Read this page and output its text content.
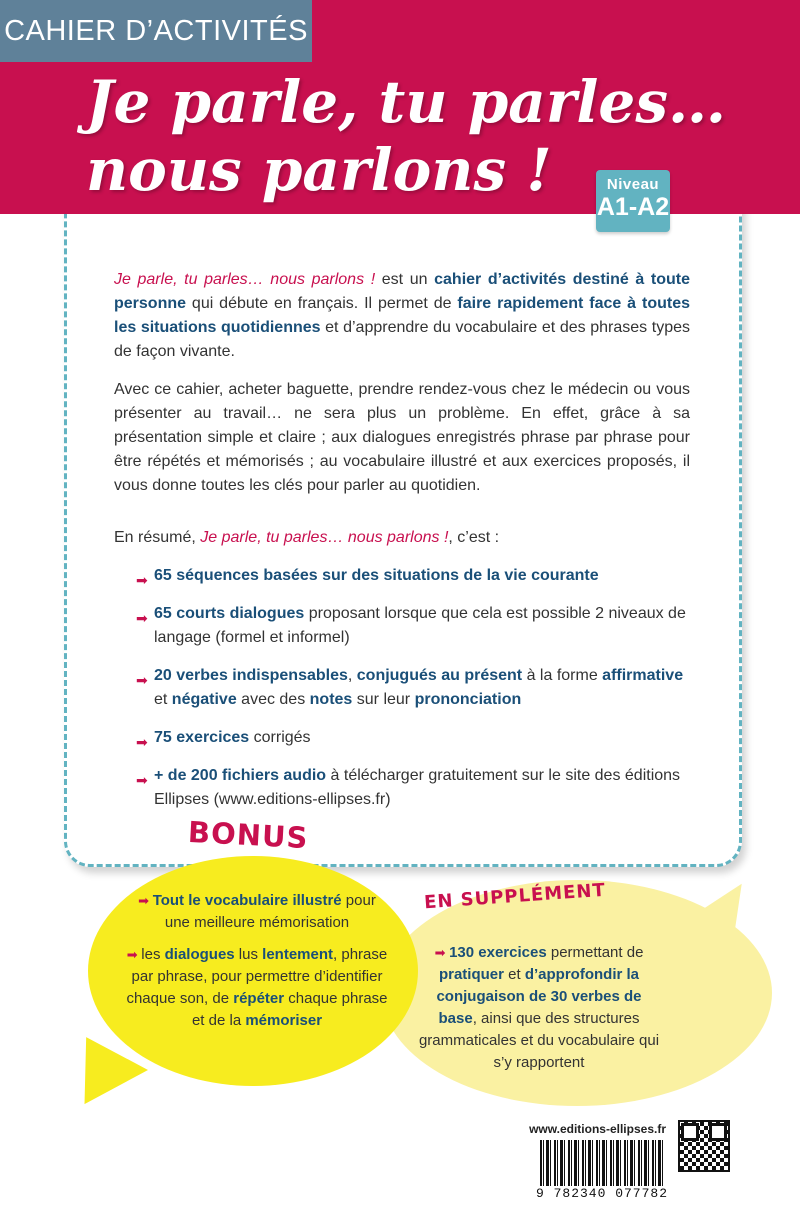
CAHIER D’ACTIVITÉS
Je parle, tu parles…
nous parlons !	Niveau
A1-A2

Je parle, tu parles… nous parlons ! est un cahier d’activités destiné à toute personne qui débute en français. Il permet de faire rapidement face à toutes les situations quotidiennes et d’apprendre du vocabulaire et des phrases types de façon vivante.

Avec ce cahier, acheter baguette, prendre rendez-vous chez le médecin ou vous présenter au travail… ne sera plus un problème. En effet, grâce à sa présentation simple et claire ; aux dialogues enregistrés phrase par phrase pour être répétés et mémorisés ; au vocabulaire illustré et aux exercices proposés, il vous donne toutes les clés pour parler au quotidien.

En résumé, Je parle, tu parles… nous parlons !, c’est :

➡ 65 séquences basées sur des situations de la vie courante
➡ 65 courts dialogues proposant lorsque que cela est possible 2 niveaux de langage (formel et informel)
➡ 20 verbes indispensables, conjugués au présent à la forme affirmative et négative avec des notes sur leur prononciation
➡ 75 exercices corrigés
➡ + de 200 fichiers audio à télécharger gratuitement sur le site des éditions Ellipses (www.editions-ellipses.fr)
BONUS

➡ Tout le vocabulaire illustré pour une meilleure mémorisation

➡ les dialogues lus lentement, phrase par phrase, pour permettre d’identifier chaque son, de répéter chaque phrase et de la mémoriser

EN SUPPLÉMENT
➡ 130 exercices permettant de pratiquer et d’approfondir la conjugaison de 30 verbes de base, ainsi que des structures grammaticales et du vocabulaire qui s’y rapportent
www.editions-ellipses.fr
9 782340 077782
